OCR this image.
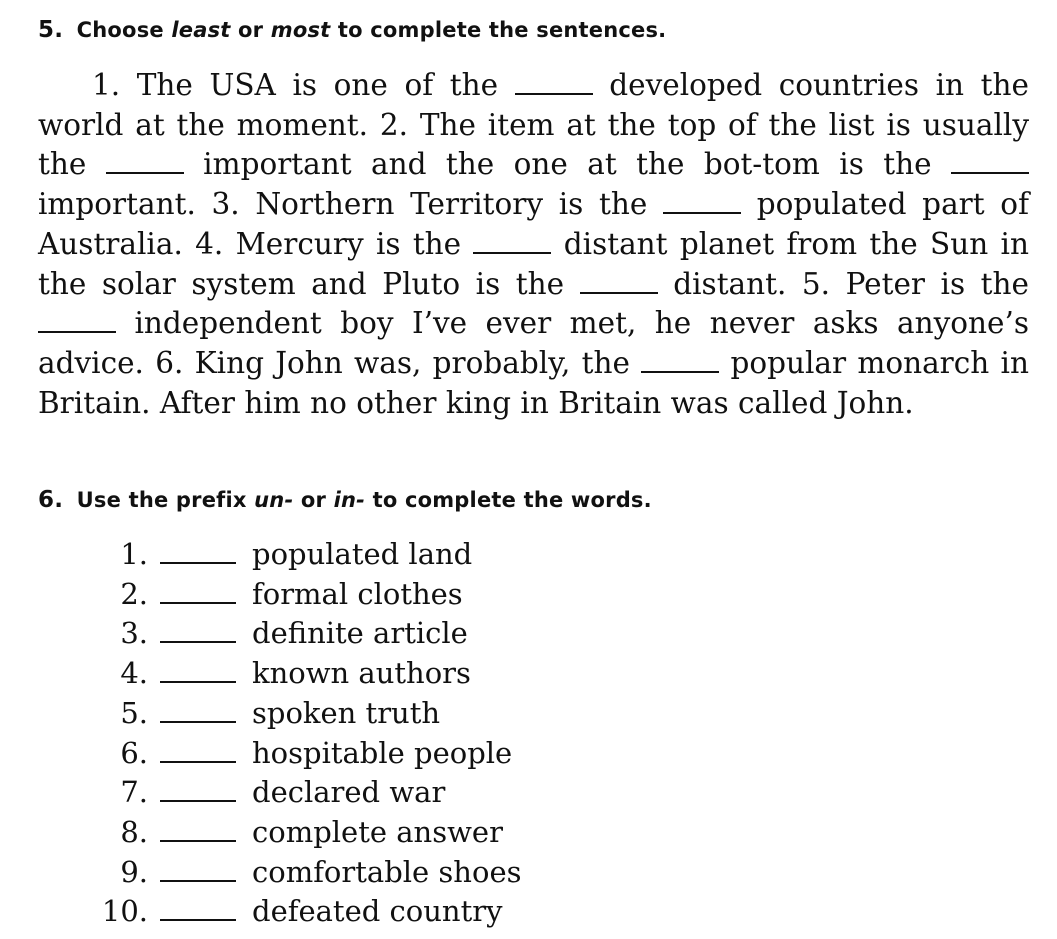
5. Choose least or most to complete the sentences.
1. The USA is one of the	developed countries in the world at the moment. 2. The item at the top of the list is usually the	important and the one at the bot-tom is the  important. 3. Northern Territory is the	populated part of Australia. 4. Mercury is the	distant planet from the Sun in the solar system and Pluto is the	distant. 5. Peter is the  independent boy I’ve ever met, he never asks anyone’s advice. 6. King John was, probably, the	popular monarch in Britain. After him no other king in Britain was called John.
6. Use the prefix un- or in- to complete the words.
1.	populated land
2.	formal clothes
3.	definite article
4.	known authors
5.	spoken truth
6.	hospitable people
7.	declared war
8.	complete answer
9.	comfortable shoes
10.	defeated country
